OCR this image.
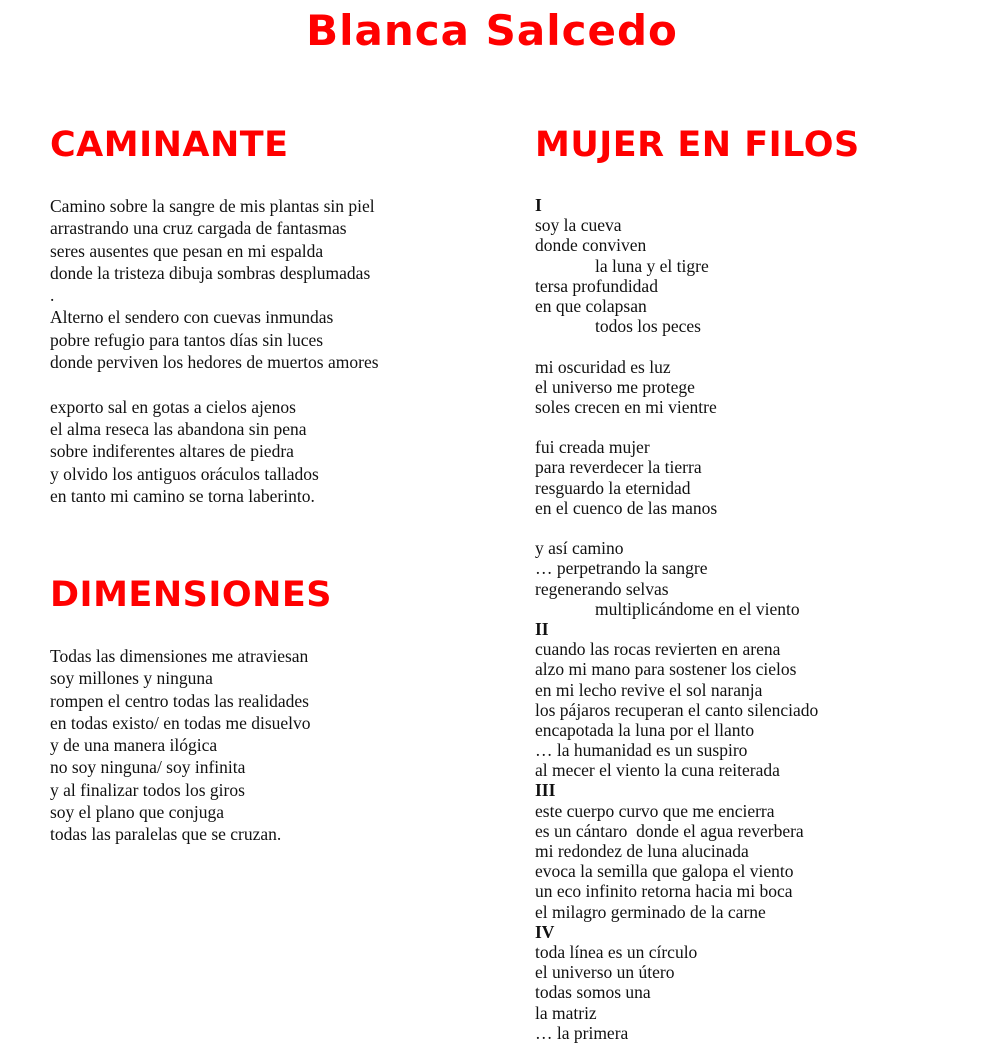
Blanca Salcedo
CAMINANTE
Camino sobre la sangre de mis plantas sin piel
arrastrando una cruz cargada de fantasmas
seres ausentes que pesan en mi espalda
donde la tristeza dibuja sombras desplumadas
.
Alterno el sendero con cuevas inmundas
pobre refugio para tantos días sin luces
donde perviven los hedores de muertos amores
exporto sal en gotas a cielos ajenos
el alma reseca las abandona sin pena
sobre indiferentes altares de piedra
y olvido los antiguos oráculos tallados
en tanto mi camino se torna laberinto.
DIMENSIONES
Todas las dimensiones me atraviesan
soy millones y ninguna
rompen el centro todas las realidades
en todas existo/ en todas me disuelvo
y de una manera ilógica
no soy ninguna/ soy infinita
y al finalizar todos los giros
soy el plano que conjuga
todas las paralelas que se cruzan.
MUJER EN FILOS
I
soy la cueva
donde conviven
la luna y el tigre
tersa profundidad
en que colapsan
todos los peces
mi oscuridad es luz
el universo me protege
soles crecen en mi vientre
fui creada mujer
para reverdecer la tierra
resguardo la eternidad
en el cuenco de las manos
y así camino
… perpetrando la sangre
regenerando selvas
multiplicándome en el viento
II
cuando las rocas revierten en arena
alzo mi mano para sostener los cielos
en mi lecho revive el sol naranja
los pájaros recuperan el canto silenciado
encapotada la luna por el llanto
… la humanidad es un suspiro
al mecer el viento la cuna reiterada
III
este cuerpo curvo que me encierra
es un cántaro  donde el agua reverbera
mi redondez de luna alucinada
evoca la semilla que galopa el viento
un eco infinito retorna hacia mi boca
el milagro germinado de la carne
IV
toda línea es un círculo
el universo un útero
todas somos una
la matriz
… la primera
